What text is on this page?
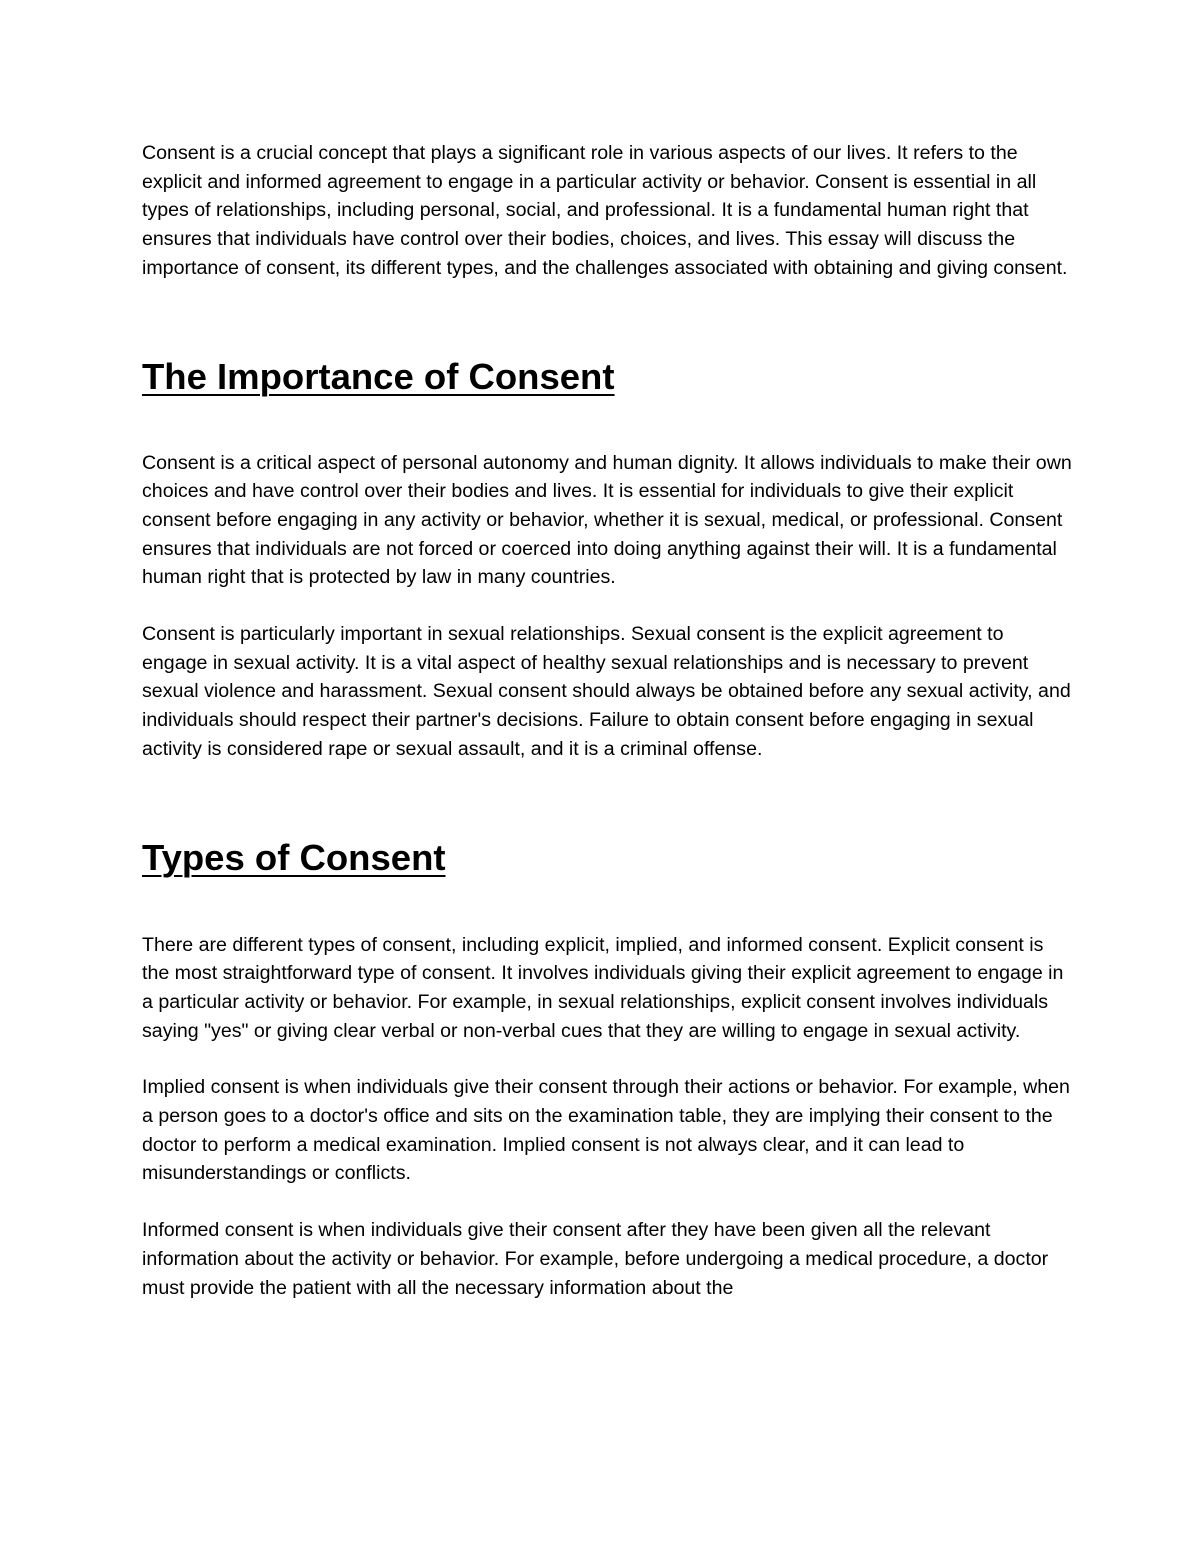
Consent is a crucial concept that plays a significant role in various aspects of our lives. It refers to the explicit and informed agreement to engage in a particular activity or behavior. Consent is essential in all types of relationships, including personal, social, and professional. It is a fundamental human right that ensures that individuals have control over their bodies, choices, and lives. This essay will discuss the importance of consent, its different types, and the challenges associated with obtaining and giving consent.

The Importance of Consent

Consent is a critical aspect of personal autonomy and human dignity. It allows individuals to make their own choices and have control over their bodies and lives. It is essential for individuals to give their explicit consent before engaging in any activity or behavior, whether it is sexual, medical, or professional. Consent ensures that individuals are not forced or coerced into doing anything against their will. It is a fundamental human right that is protected by law in many countries.

Consent is particularly important in sexual relationships. Sexual consent is the explicit agreement to engage in sexual activity. It is a vital aspect of healthy sexual relationships and is necessary to prevent sexual violence and harassment. Sexual consent should always be obtained before any sexual activity, and individuals should respect their partner's decisions. Failure to obtain consent before engaging in sexual activity is considered rape or sexual assault, and it is a criminal offense.

Types of Consent

There are different types of consent, including explicit, implied, and informed consent. Explicit consent is the most straightforward type of consent. It involves individuals giving their explicit agreement to engage in a particular activity or behavior. For example, in sexual relationships, explicit consent involves individuals saying "yes" or giving clear verbal or non-verbal cues that they are willing to engage in sexual activity.

Implied consent is when individuals give their consent through their actions or behavior. For example, when a person goes to a doctor's office and sits on the examination table, they are implying their consent to the doctor to perform a medical examination. Implied consent is not always clear, and it can lead to misunderstandings or conflicts.

Informed consent is when individuals give their consent after they have been given all the relevant information about the activity or behavior. For example, before undergoing a medical procedure, a doctor must provide the patient with all the necessary information about the
